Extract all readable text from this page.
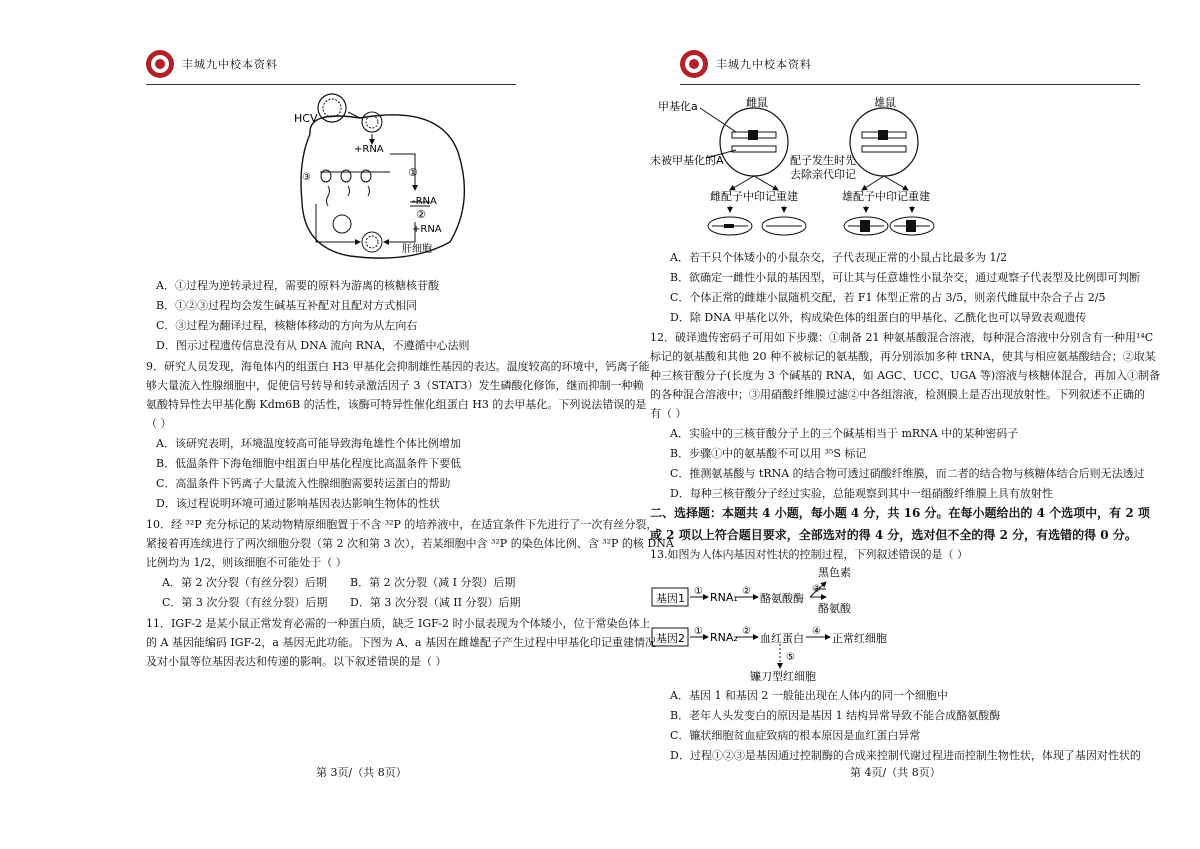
丰城九中校本资料
HCV
+RNA
③	①
-RNA
②
+RNA
肝细胞
A．①过程为逆转录过程，需要的原料为游离的核糖核苷酸
B．①②③过程均会发生碱基互补配对且配对方式相同
C．③过程为翻译过程，核糖体移动的方向为从左向右
D．图示过程遗传信息没有从 DNA 流向 RNA，不遵循中心法则
9．研究人员发现，海龟体内的组蛋白 H3 甲基化会抑制雄性基因的表达。温度较高的环境中，钙离子能
够大量流入性腺细胞中，促使信号转导和转录激活因子 3（STAT3）发生磷酸化修饰，继而抑制一种赖
氨酸特异性去甲基化酶 Kdm6B 的活性，该酶可特异性催化组蛋白 H3 的去甲基化。下列说法错误的是
（ ）
A．该研究表明，环境温度较高可能导致海龟雄性个体比例增加
B．低温条件下海龟细胞中组蛋白甲基化程度比高温条件下要低
C．高温条件下钙离子大量流入性腺细胞需要转运蛋白的帮助
D．该过程说明环境可通过影响基因表达影响生物体的性状
10．经 ³²P 充分标记的某动物精原细胞置于不含 ³²P 的培养液中，在适宜条件下先进行了一次有丝分裂，
紧接着再连续进行了两次细胞分裂（第 2 次和第 3 次），若某细胞中含 ³²P 的染色体比例、含 ³²P 的核 DNA
比例均为 1/2，则该细胞不可能处于（ ）
A．第 2 次分裂（有丝分裂）后期 B．第 2 次分裂（减 I 分裂）后期
C．第 3 次分裂（有丝分裂）后期 D．第 3 次分裂（减 II 分裂）后期
11．IGF-2 是某小鼠正常发育必需的一种蛋白质，缺乏 IGF-2 时小鼠表现为个体矮小，位于常染色体上
的 A 基因能编码 IGF-2，a 基因无此功能。下图为 A、a 基因在雌雄配子产生过程中甲基化印记重建情况
及对小鼠等位基因表达和传递的影响。以下叙述错误的是（ ）
第 3页/（共 8页）
丰城九中校本资料
甲基化a	雌鼠	雄鼠
未被甲基化的A	配子发生时先
去除亲代印记
雌配子中印记重建	雄配子中印记重建
A．若干只个体矮小的小鼠杂交，子代表现正常的小鼠占比最多为 1/2
B．欲确定一雌性小鼠的基因型，可让其与任意雄性小鼠杂交，通过观察子代表型及比例即可判断
C．个体正常的雌雄小鼠随机交配，若 F1 体型正常的占 3/5，则亲代雌鼠中杂合子占 2/5
D．除 DNA 甲基化以外，构成染色体的组蛋白的甲基化、乙酰化也可以导致表观遗传
12．破译遗传密码子可用如下步骤：①制备 21 种氨基酸混合溶液，每种混合溶液中分别含有一种用¹⁴C
标记的氨基酸和其他 20 种不被标记的氨基酸，再分别添加多种 tRNA，使其与相应氨基酸结合；②取某
种三核苷酸分子(长度为 3 个碱基的 RNA，如 AGC、UCC、UGA 等)溶液与核糖体混合，再加入①制备
的各种混合溶液中；③用硝酸纤维膜过滤②中各组溶液，检测膜上是否出现放射性。下列叙述不正确的
有（ ）
A．实验中的三核苷酸分子上的三个碱基相当于 mRNA 中的某种密码子
B．步骤①中的氨基酸不可以用 ³⁵S 标记
C．推测氨基酸与 tRNA 的结合物可透过硝酸纤维膜，而二者的结合物与核糖体结合后则无法透过
D．每种三核苷酸分子经过实验，总能观察到其中一组硝酸纤维膜上具有放射性
二、选择题：本题共 4 小题，每小题 4 分，共 16 分。在每小题给出的 4 个选项中，有 2 项
或 2 项以上符合题目要求，全部选对的得 4 分，选对但不全的得 2 分，有选错的得 0 分。
13.如图为人体内基因对性状的控制过程，下列叙述错误的是（ ）
基因1
基因2
① RNA₁ ②
酪氨酸酶
③
黑色素
酪氨酸
① RNA₂ ②
血红蛋白
④
正常红细胞
⑤
镰刀型红细胞
A．基因 1 和基因 2 一般能出现在人体内的同一个细胞中
B．老年人头发变白的原因是基因 1 结构异常导致不能合成酪氨酸酶
C．镰状细胞贫血症致病的根本原因是血红蛋白异常
D．过程①②③是基因通过控制酶的合成来控制代谢过程进而控制生物性状，体现了基因对性状的
第 4页/（共 8页）
